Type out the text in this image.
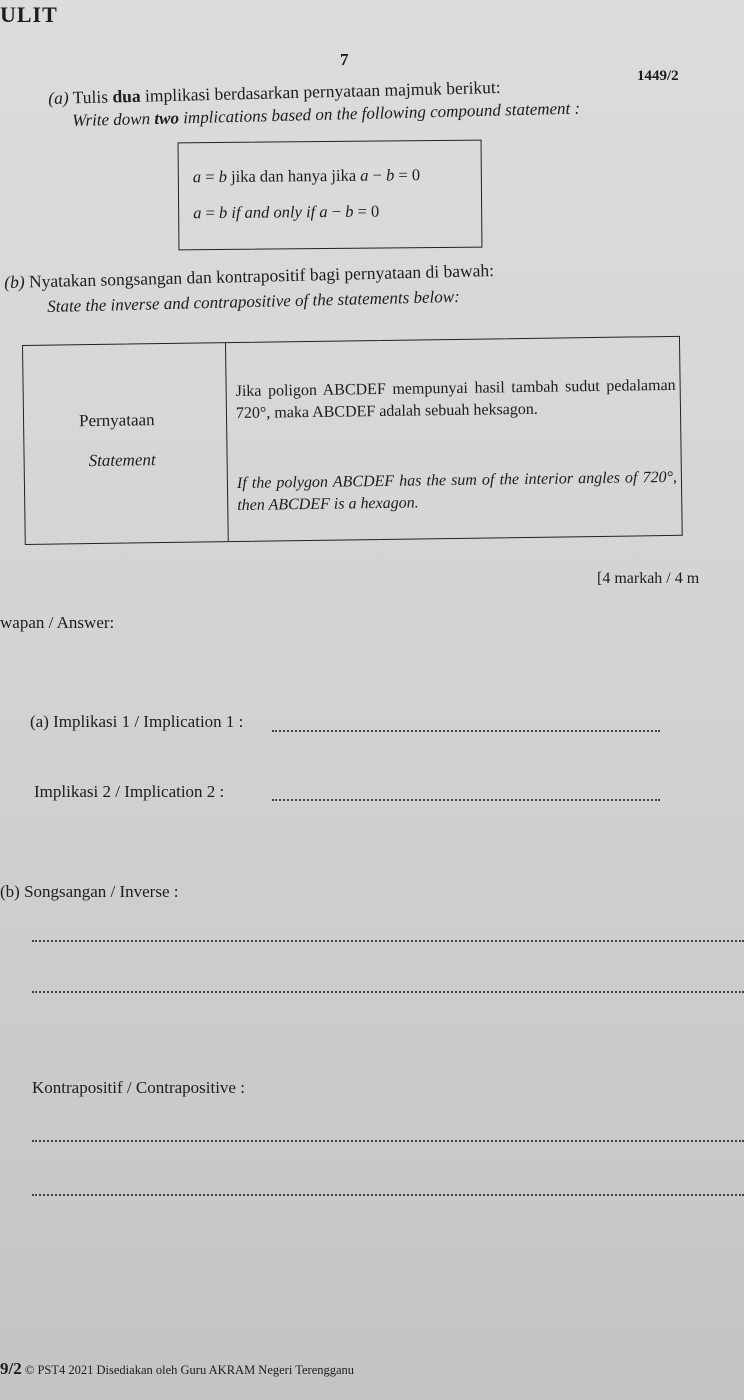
ULIT
7
1449/2
(a) Tulis dua implikasi berdasarkan pernyataan majmuk berikut:
Write down two implications based on the following compound statement :
a = b jika dan hanya jika a − b = 0
a = b if and only if a − b = 0
(b) Nyatakan songsangan dan kontrapositif bagi pernyataan di bawah:
State the inverse and contrapositive of the statements below:
Pernyataan
Statement
Jika poligon ABCDEF mempunyai hasil tambah sudut pedalaman 720°, maka ABCDEF adalah sebuah heksagon.
If the polygon ABCDEF has the sum of the interior angles of 720°, then ABCDEF is a hexagon.
[4 markah / 4 m
wapan / Answer:
(a) Implikasi 1 / Implication 1 :
Implikasi 2 / Implication 2 :
(b) Songsangan / Inverse :
Kontrapositif / Contrapositive :
9/2 © PST4 2021 Disediakan oleh Guru AKRAM Negeri Terengganu
